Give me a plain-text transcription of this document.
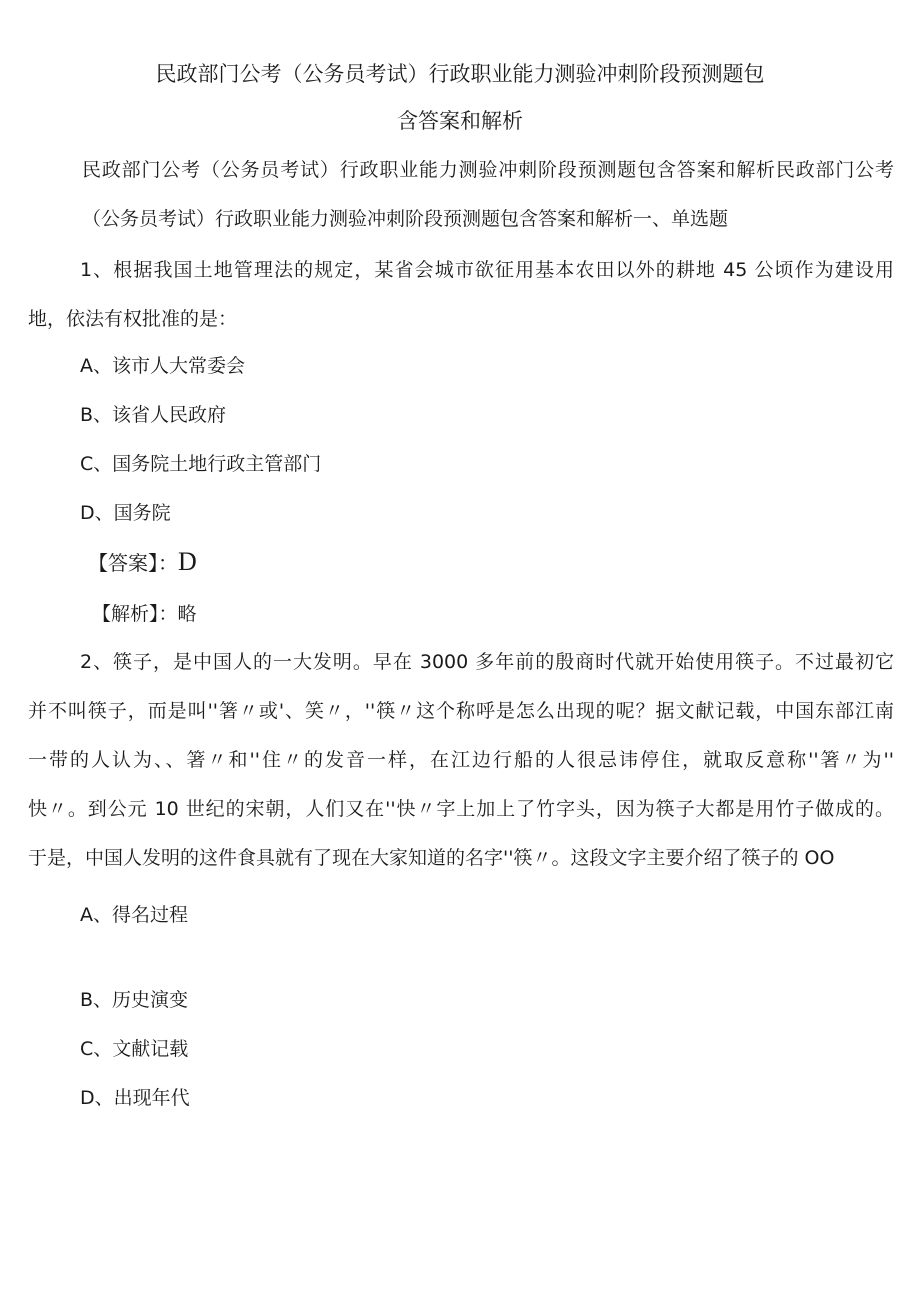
民政部门公考（公务员考试）行政职业能力测验冲刺阶段预测题包
含答案和解析
民政部门公考（公务员考试）行政职业能力测验冲刺阶段预测题包含答案和解析民政部门公考
（公务员考试）行政职业能力测验冲刺阶段预测题包含答案和解析一、单选题
1、根据我国土地管理法的规定，某省会城市欲征用基本农田以外的耕地 45 公顷作为建设用
地，依法有权批准的是：
A、该市人大常委会
B、该省人民政府
C、国务院土地行政主管部门
D、国务院
【答案】：D
【解析】：略
2、筷子，是中国人的一大发明。早在 3000 多年前的殷商时代就开始使用筷子。不过最初它
并不叫筷子，而是叫''箸〃或'、笑〃，''筷〃这个称呼是怎么出现的呢？据文献记载，中国东部江南
一带的人认为、、箸〃和''住〃的发音一样，在江边行船的人很忌讳停住，就取反意称''箸〃为''
快〃。到公元 10 世纪的宋朝，人们又在''快〃字上加上了竹字头，因为筷子大都是用竹子做成的。
于是，中国人发明的这件食具就有了现在大家知道的名字''筷〃。这段文字主要介绍了筷子的 OO
A、得名过程
B、历史演变
C、文献记载
D、出现年代
